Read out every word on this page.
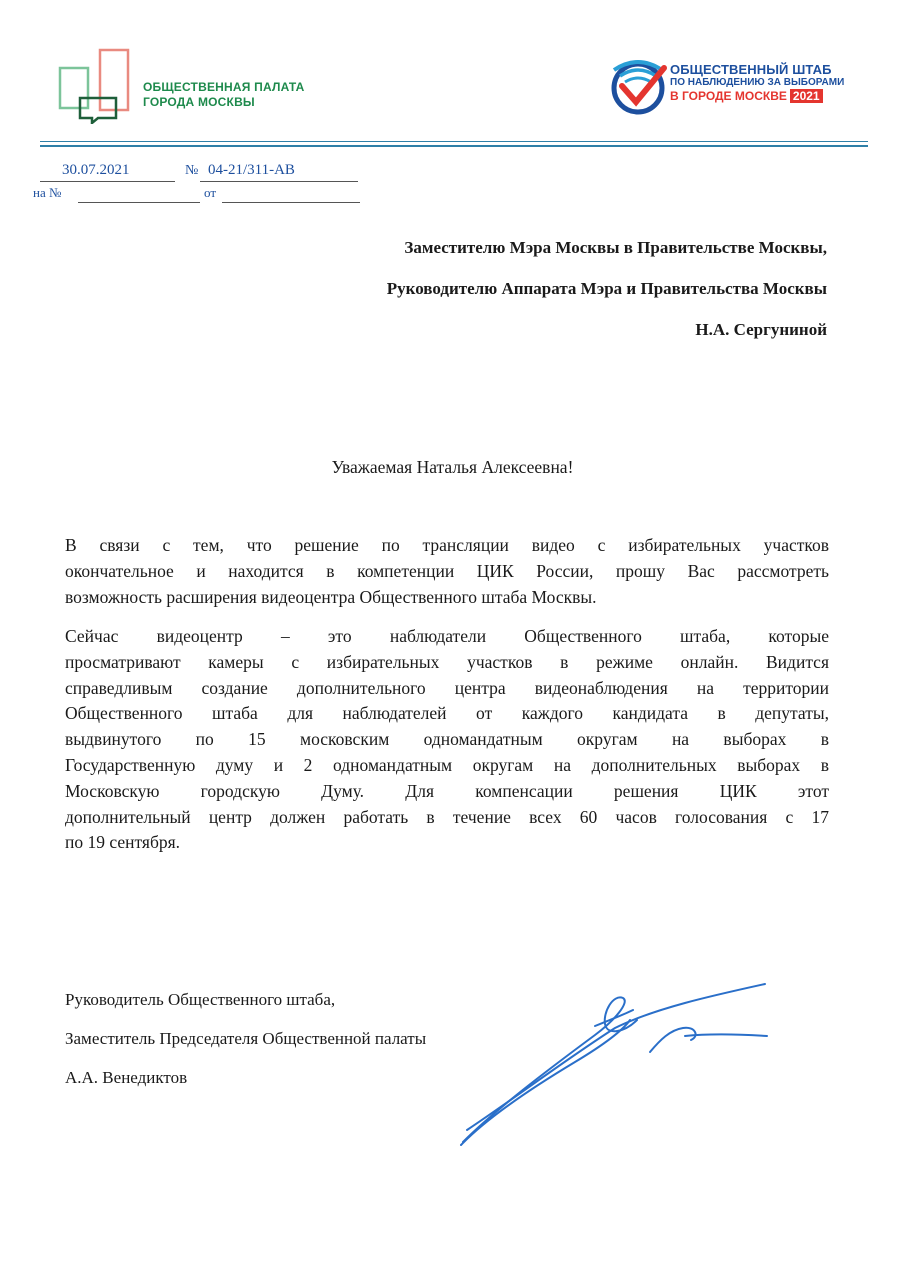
ОБЩЕСТВЕННАЯ ПАЛАТА
ГОРОДА МОСКВЫ
ОБЩЕСТВЕННЫЙ ШТАБ
ПО НАБЛЮДЕНИЮ ЗА ВЫБОРАМИ
В ГОРОДЕ МОСКВЕ 2021
30.07.2021	№ 04-21/311-АВ
на №	от
Заместителю Мэра Москвы в Правительстве Москвы,
Руководителю Аппарата Мэра и Правительства Москвы
Н.А. Сергуниной
Уважаемая Наталья Алексеевна!
В связи с тем, что решение по трансляции видео с избирательных участков
окончательное и находится в компетенции ЦИК России, прошу Вас рассмотреть
возможность расширения видеоцентра Общественного штаба Москвы.
Сейчас видеоцентр – это наблюдатели Общественного штаба, которые
просматривают камеры с избирательных участков в режиме онлайн. Видится
справедливым создание дополнительного центра видеонаблюдения на территории
Общественного штаба для наблюдателей от каждого кандидата в депутаты,
выдвинутого по 15 московским одномандатным округам на выборах в
Государственную думу и 2 одномандатным округам на дополнительных выборах в
Московскую городскую Думу. Для компенсации решения ЦИК этот
дополнительный центр должен работать в течение всех 60 часов голосования с 17
по 19 сентября.
Руководитель Общественного штаба,
Заместитель Председателя Общественной палаты
А.А. Венедиктов
